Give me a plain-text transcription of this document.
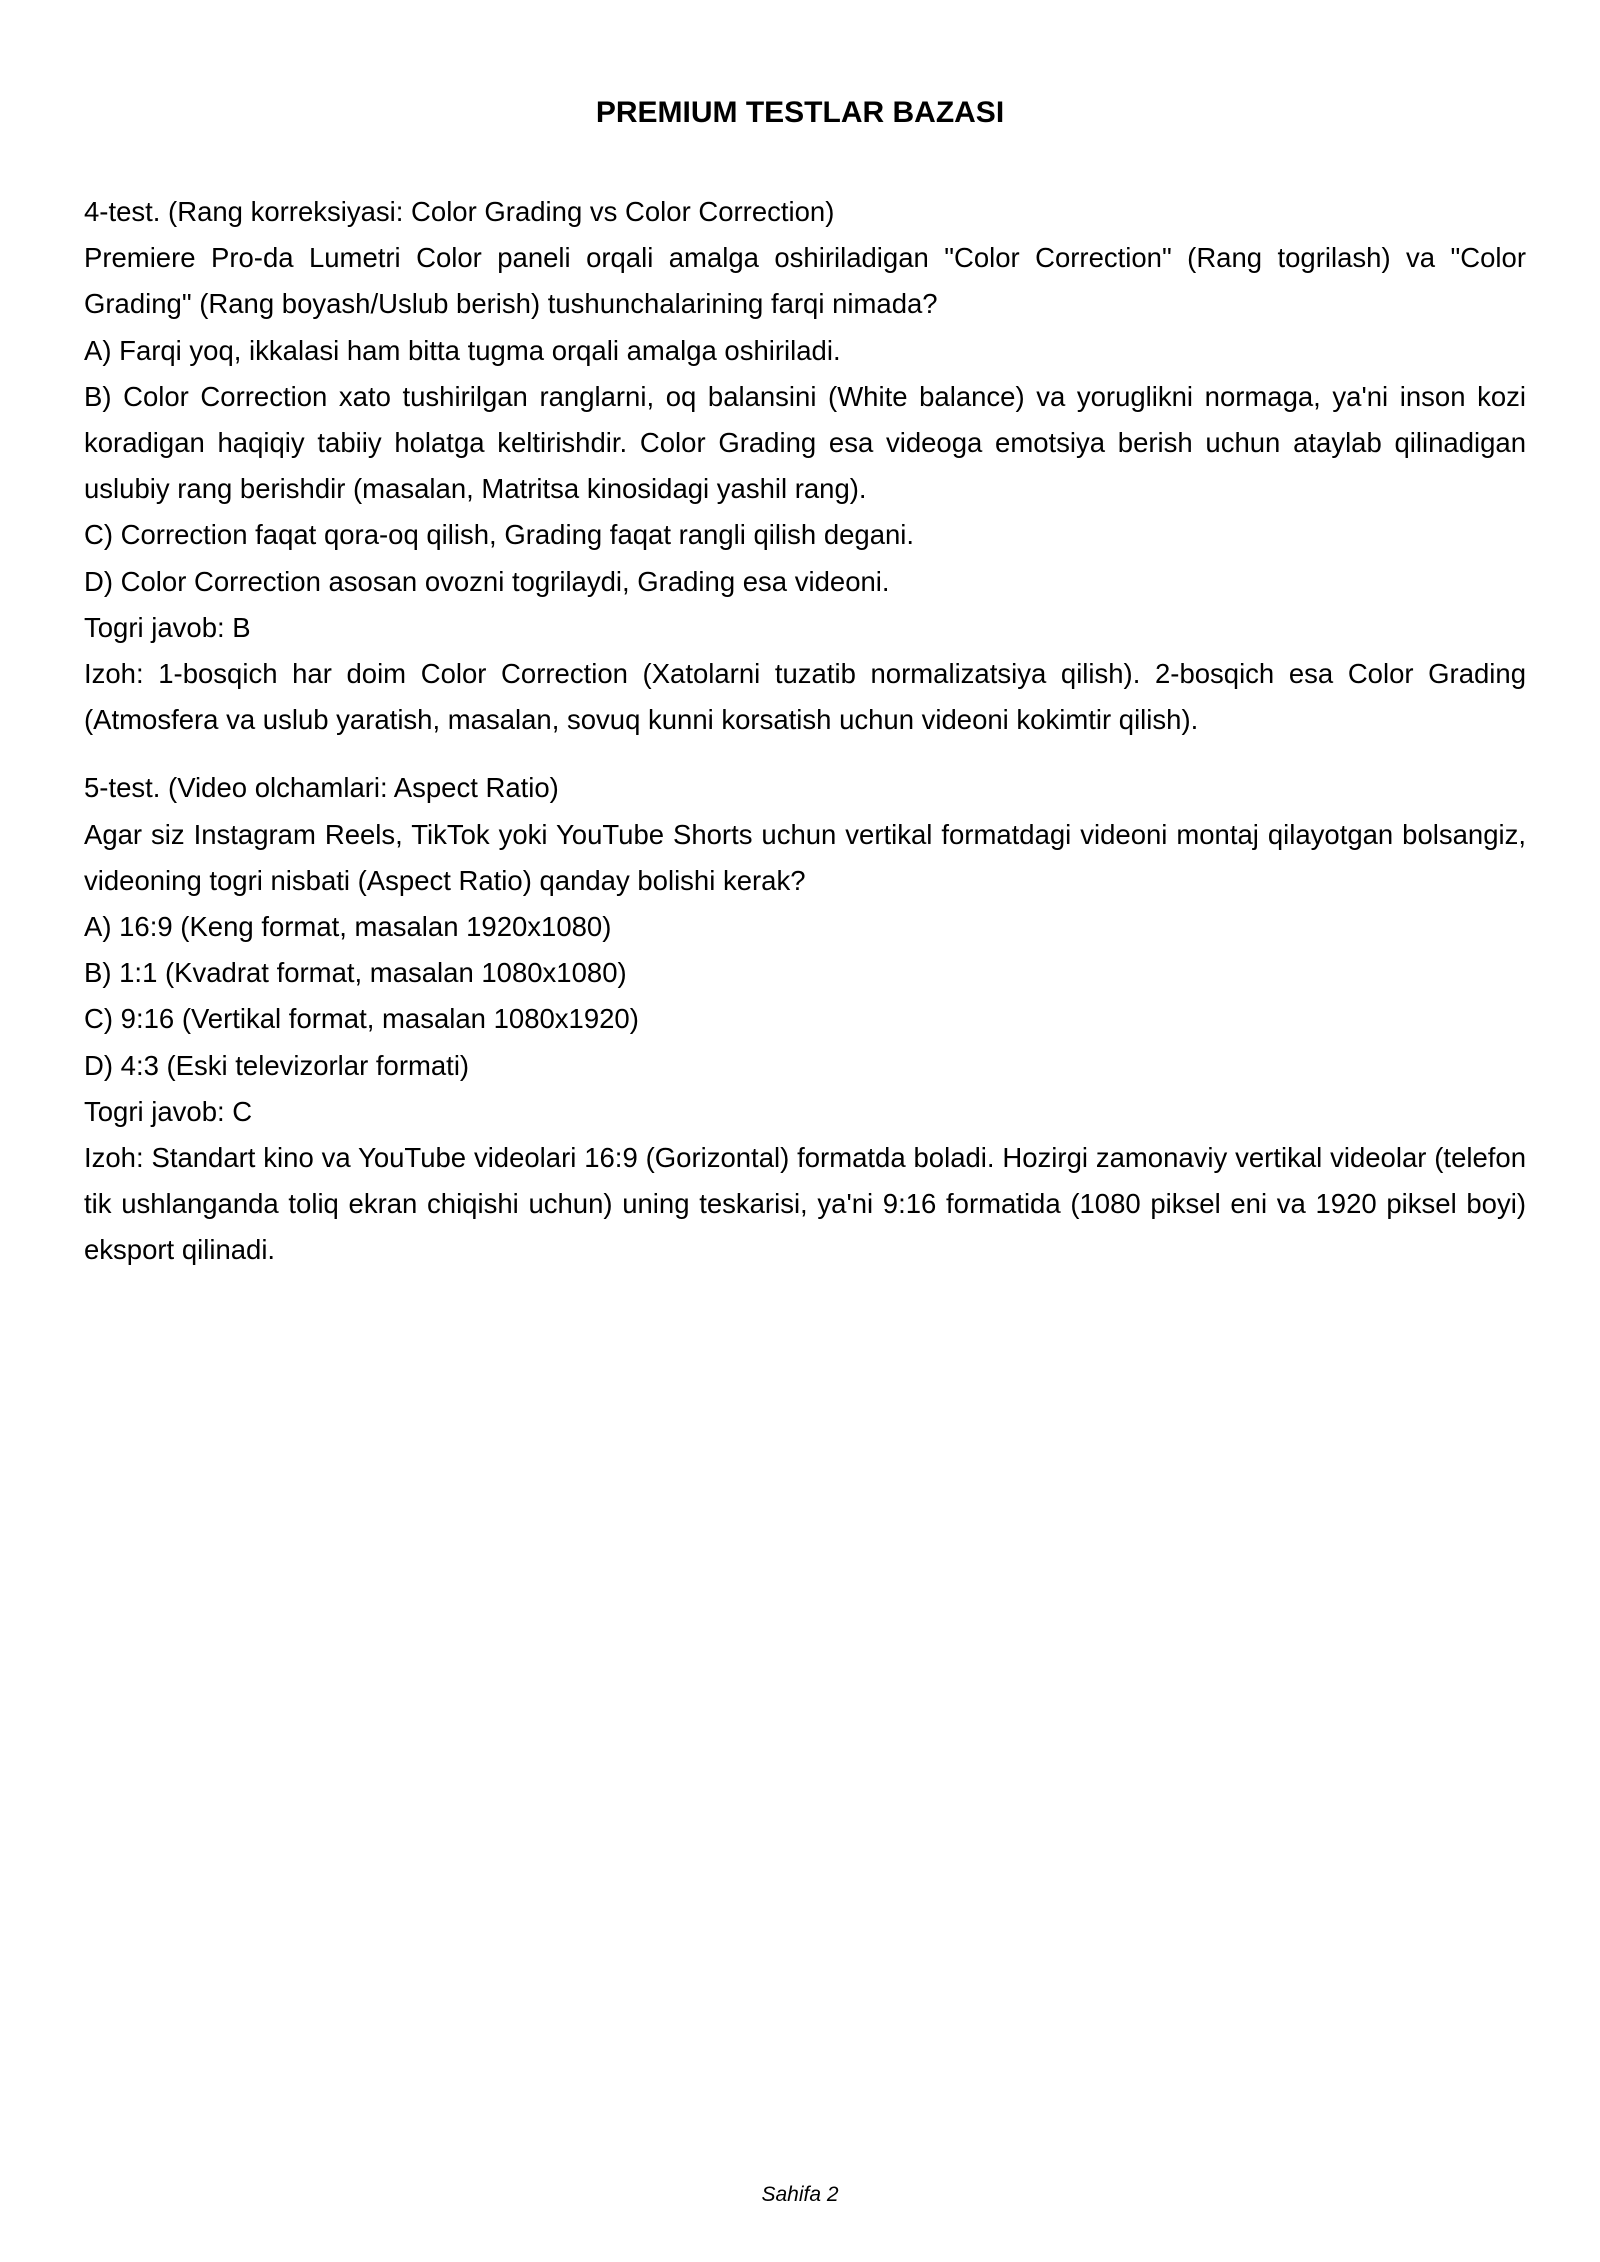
PREMIUM TESTLAR BAZASI
4-test. (Rang korreksiyasi: Color Grading vs Color Correction)
Premiere Pro-da Lumetri Color paneli orqali amalga oshiriladigan "Color Correction" (Rang togrilash) va "Color Grading" (Rang boyash/Uslub berish) tushunchalarining farqi nimada?
A) Farqi yoq, ikkalasi ham bitta tugma orqali amalga oshiriladi.
B) Color Correction xato tushirilgan ranglarni, oq balansini (White balance) va yoruglikni normaga, ya'ni inson kozi koradigan haqiqiy tabiiy holatga keltirishdir. Color Grading esa videoga emotsiya berish uchun ataylab qilinadigan uslubiy rang berishdir (masalan, Matritsa kinosidagi yashil rang).
C) Correction faqat qora-oq qilish, Grading faqat rangli qilish degani.
D) Color Correction asosan ovozni togrilaydi, Grading esa videoni.
Togri javob: B
Izoh: 1-bosqich har doim Color Correction (Xatolarni tuzatib normalizatsiya qilish). 2-bosqich esa Color Grading (Atmosfera va uslub yaratish, masalan, sovuq kunni korsatish uchun videoni kokimtir qilish).
5-test. (Video olchamlari: Aspect Ratio)
Agar siz Instagram Reels, TikTok yoki YouTube Shorts uchun vertikal formatdagi videoni montaj qilayotgan bolsangiz, videoning togri nisbati (Aspect Ratio) qanday bolishi kerak?
A) 16:9 (Keng format, masalan 1920x1080)
B) 1:1 (Kvadrat format, masalan 1080x1080)
C) 9:16 (Vertikal format, masalan 1080x1920)
D) 4:3 (Eski televizorlar formati)
Togri javob: C
Izoh: Standart kino va YouTube videolari 16:9 (Gorizontal) formatda boladi. Hozirgi zamonaviy vertikal videolar (telefon tik ushlanganda toliq ekran chiqishi uchun) uning teskarisi, ya'ni 9:16 formatida (1080 piksel eni va 1920 piksel boyi) eksport qilinadi.
Sahifa 2
